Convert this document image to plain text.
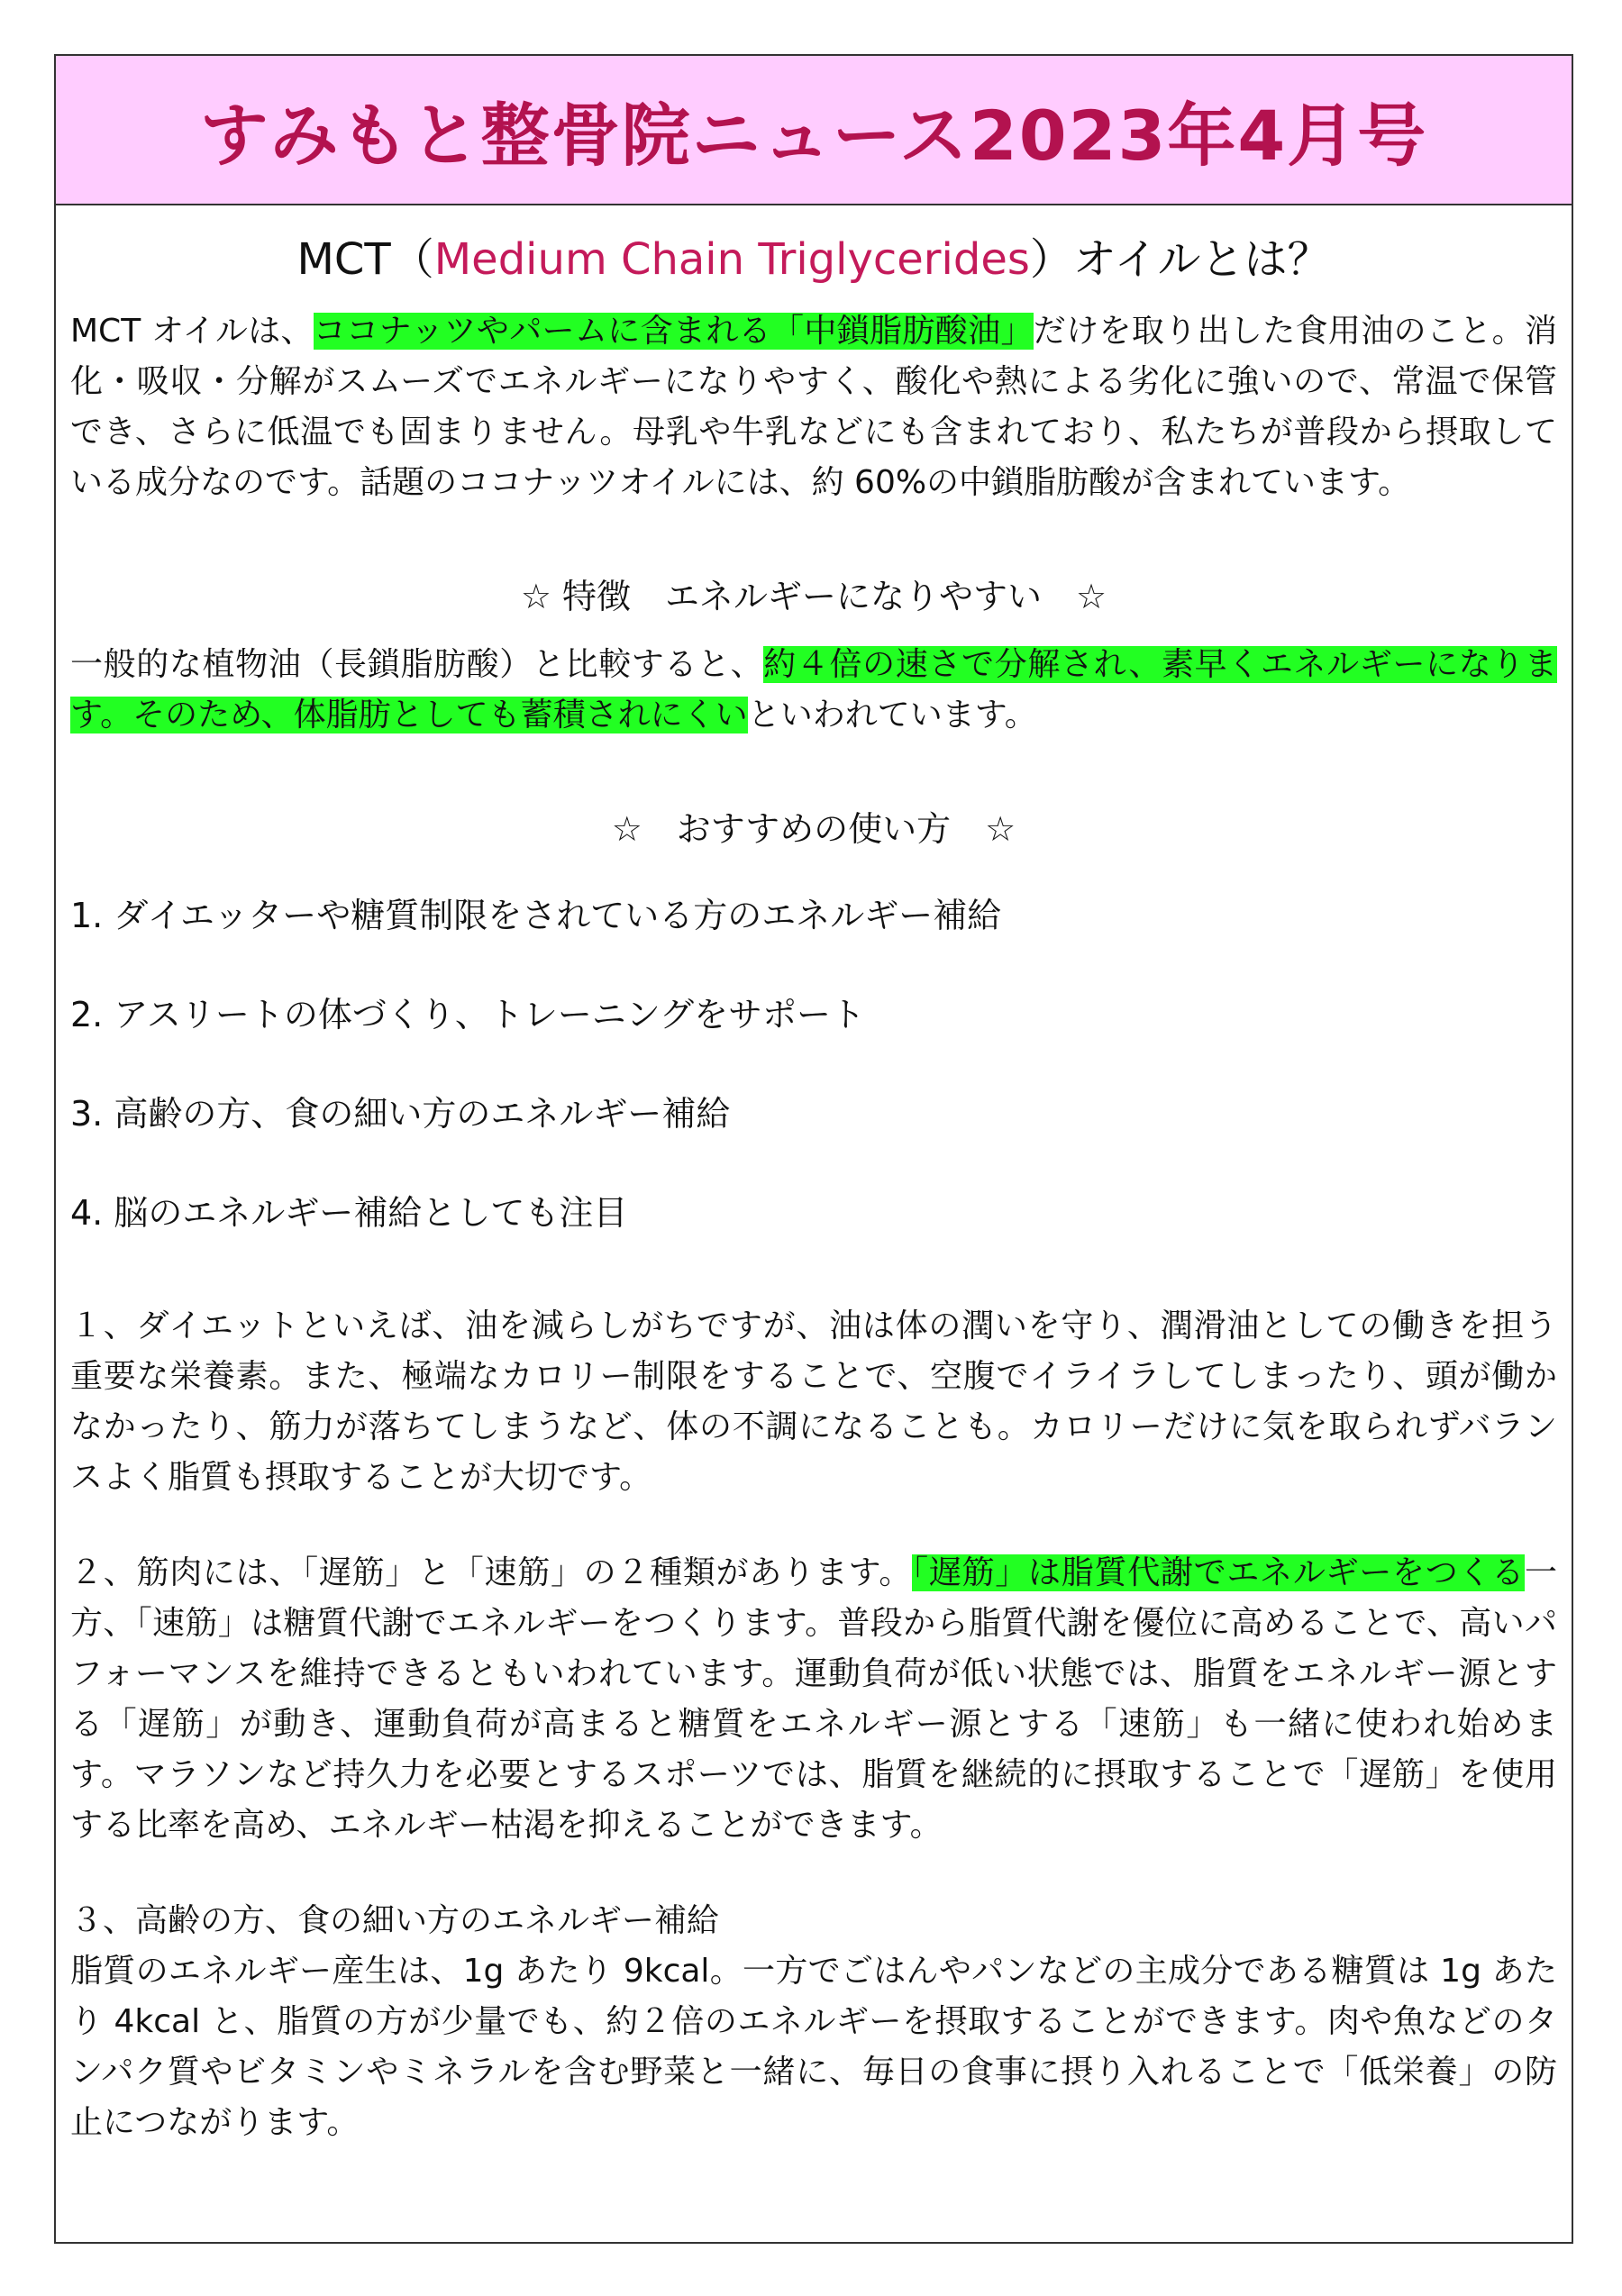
すみもと整骨院ニュース2023年4月号
MCT（Medium Chain Triglycerides）オイルとは？

MCT オイルは、ココナッツやパームに含まれる「中鎖脂肪酸油」だけを取り出した食用油のこと。消化・吸収・分解がスムーズでエネルギーになりやすく、酸化や熱による劣化に強いので、常温で保管でき、さらに低温でも固まりません。母乳や牛乳などにも含まれており、私たちが普段から摂取している成分なのです。話題のココナッツオイルには、約 60%の中鎖脂肪酸が含まれています。

☆ 特徴　エネルギーになりやすい　☆

一般的な植物油（長鎖脂肪酸）と比較すると、約４倍の速さで分解され、素早くエネルギーになります。そのため、体脂肪としても蓄積されにくいといわれています。

☆　おすすめの使い方　☆

1. ダイエッターや糖質制限をされている方のエネルギー補給

2. アスリートの体づくり、トレーニングをサポート

3. 高齢の方、食の細い方のエネルギー補給

4. 脳のエネルギー補給としても注目

１、ダイエットといえば、油を減らしがちですが、油は体の潤いを守り、潤滑油としての働きを担う重要な栄養素。また、極端なカロリー制限をすることで、空腹でイライラしてしまったり、頭が働かなかったり、筋力が落ちてしまうなど、体の不調になることも。カロリーだけに気を取られずバランスよく脂質も摂取することが大切です。

２、筋肉には、「遅筋」と「速筋」の２種類があります。「遅筋」は脂質代謝でエネルギーをつくる一方、「速筋」は糖質代謝でエネルギーをつくります。普段から脂質代謝を優位に高めることで、高いパフォーマンスを維持できるともいわれています。運動負荷が低い状態では、脂質をエネルギー源とする「遅筋」が動き、運動負荷が高まると糖質をエネルギー源とする「速筋」も一緒に使われ始めます。マラソンなど持久力を必要とするスポーツでは、脂質を継続的に摂取することで「遅筋」を使用する比率を高め、エネルギー枯渇を抑えることができます。

３、高齢の方、食の細い方のエネルギー補給

脂質のエネルギー産生は、1g あたり 9kcal。一方でごはんやパンなどの主成分である糖質は 1g あたり 4kcal と、脂質の方が少量でも、約２倍のエネルギーを摂取することができます。肉や魚などのタンパク質やビタミンやミネラルを含む野菜と一緒に、毎日の食事に摂り入れることで「低栄養」の防止につながります。
